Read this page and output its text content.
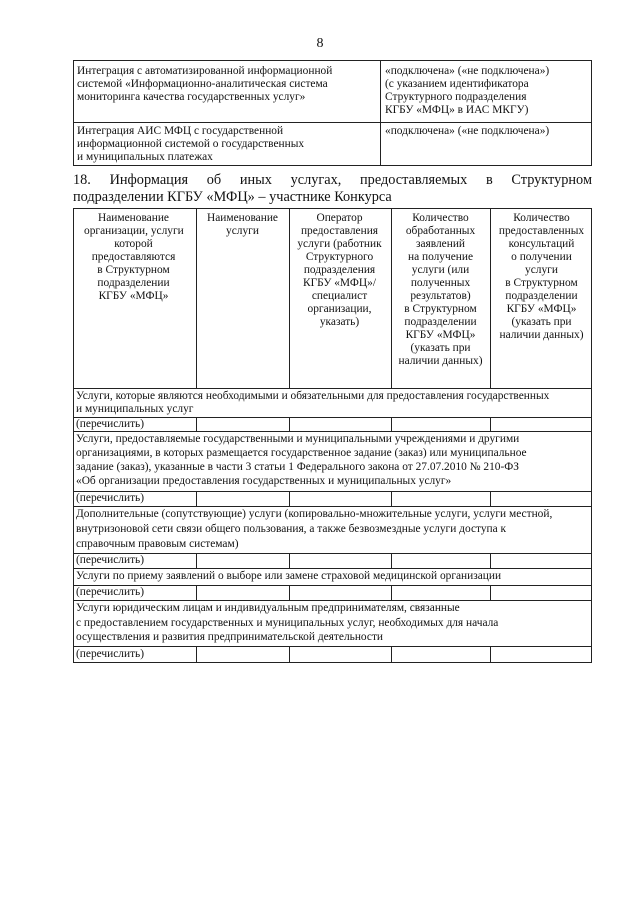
8
Интеграция с автоматизированной информационной
системой «Информационно-аналитическая система
мониторинга качества государственных услуг»
«подключена» («не подключена»)
(с указанием идентификатора
Структурного подразделения
КГБУ «МФЦ» в ИАС МКГУ)
Интеграция АИС МФЦ с государственной
информационной системой о государственных
и муниципальных платежах
«подключена» («не подключена»)
18. Информация об иных услугах, предоставляемых в Структурном
подразделении КГБУ «МФЦ» – участнике Конкурса
Наименование
организации, услуги
которой
предоставляются
в Структурном
подразделении
КГБУ «МФЦ»
Наименование
услуги
Оператор
предоставления
услуги (работник
Структурного
подразделения
КГБУ «МФЦ»/
специалист
организации,
указать)
Количество
обработанных
заявлений
на получение
услуги (или
полученных
результатов)
в Структурном
подразделении
КГБУ «МФЦ»
(указать при
наличии данных)
Количество
предоставленных
консультаций
о получении
услуги
в Структурном
подразделении
КГБУ «МФЦ»
(указать при
наличии данных)
Услуги, которые являются необходимыми и обязательными для предоставления государственных
и муниципальных услуг
(перечислить)
Услуги, предоставляемые государственными и муниципальными учреждениями и другими
организациями, в которых размещается государственное задание (заказ) или муниципальное
задание (заказ), указанные в части 3 статьи 1 Федерального закона от 27.07.2010 № 210-ФЗ
«Об организации предоставления государственных и муниципальных услуг»
(перечислить)
Дополнительные (сопутствующие) услуги (копировально-множительные услуги, услуги местной,
внутризоновой сети связи общего пользования, а также безвозмездные услуги доступа к
справочным правовым системам)
(перечислить)
Услуги по приему заявлений о выборе или замене страховой медицинской организации
(перечислить)
Услуги юридическим лицам и индивидуальным предпринимателям, связанные
с предоставлением государственных и муниципальных услуг, необходимых для начала
осуществления и развития предпринимательской деятельности
(перечислить)
